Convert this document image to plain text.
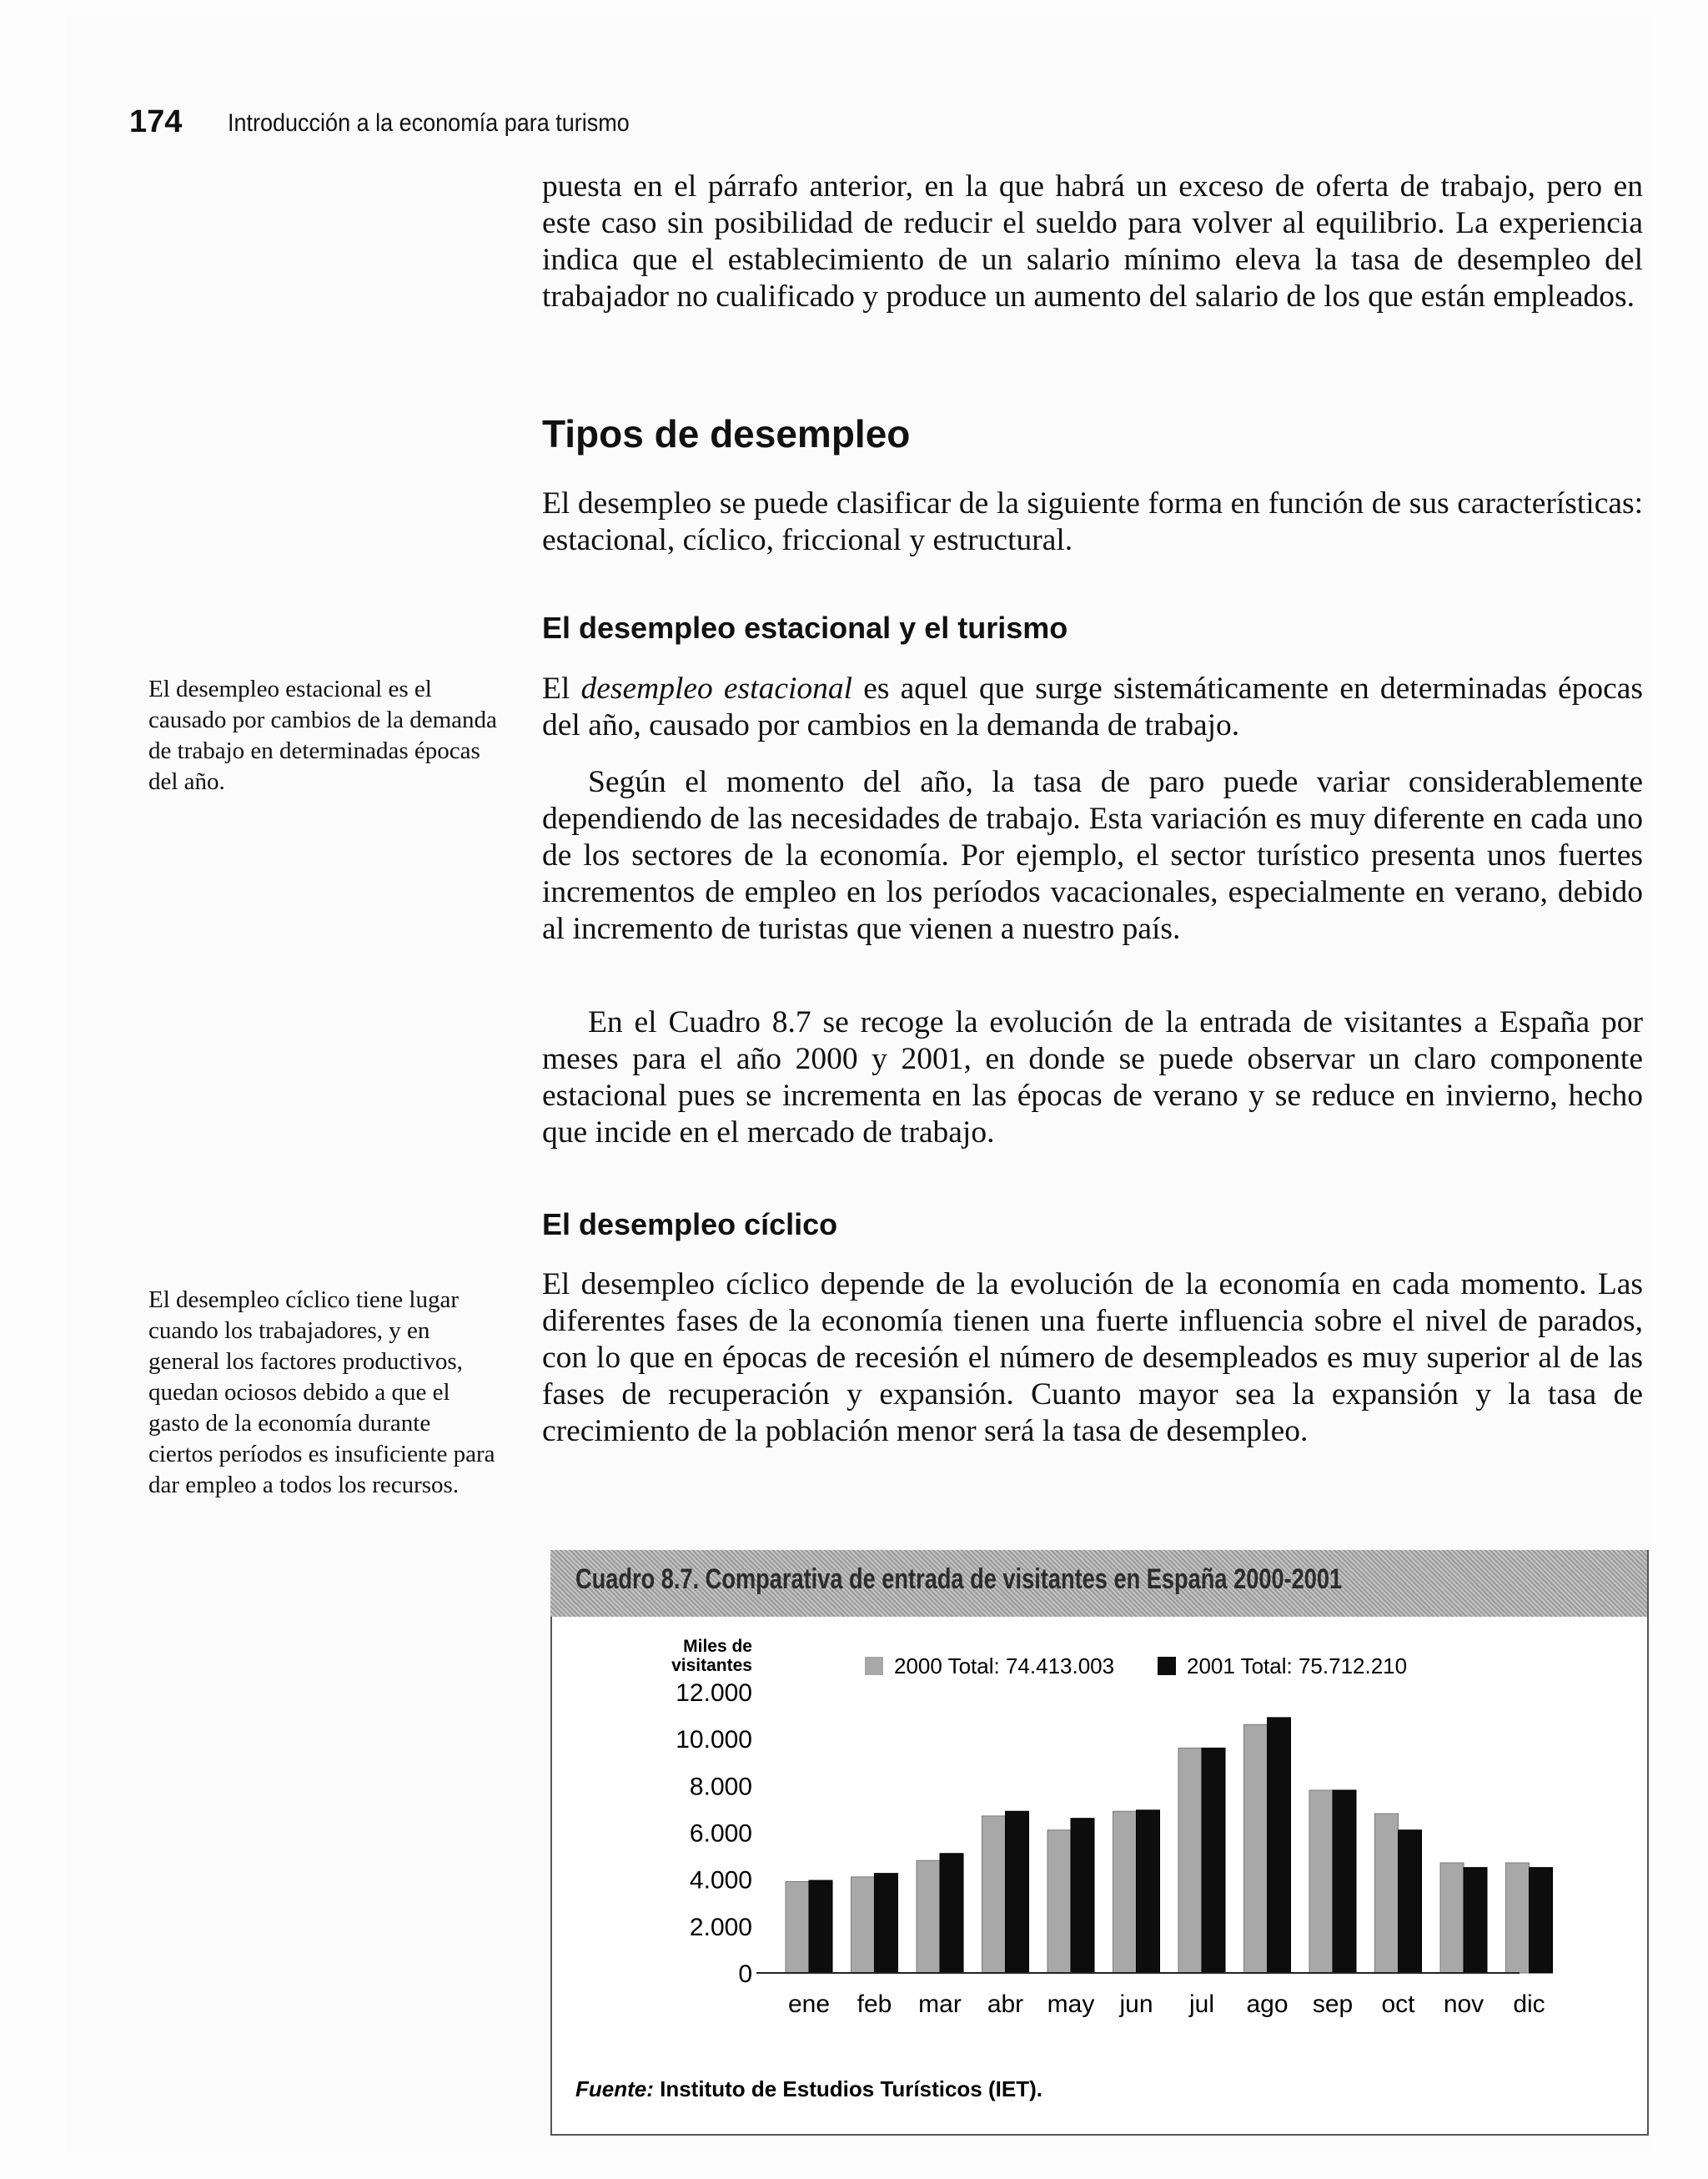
174 Introducción a la economía para turismo

puesta en el párrafo anterior, en la que habrá un exceso de oferta de trabajo, pero en este caso sin posibilidad de reducir el sueldo para volver al equilibrio. La experiencia indica que el establecimiento de un salario mínimo eleva la tasa de desempleo del trabajador no cualificado y produce un aumento del salario de los que están empleados.

Tipos de desempleo

El desempleo se puede clasificar de la siguiente forma en función de sus características: estacional, cíclico, friccional y estructural.

El desempleo estacional y el turismo

El desempleo estacional es aquel que surge sistemáticamente en determinadas épocas del año, causado por cambios en la demanda de trabajo.

Según el momento del año, la tasa de paro puede variar considerablemente dependiendo de las necesidades de trabajo. Esta variación es muy diferente en cada uno de los sectores de la economía. Por ejemplo, el sector turístico presenta unos fuertes incrementos de empleo en los períodos vacacionales, especialmente en verano, debido al incremento de turistas que vienen a nuestro país.

En el Cuadro 8.7 se recoge la evolución de la entrada de visitantes a España por meses para el año 2000 y 2001, en donde se puede observar un claro componente estacional pues se incrementa en las épocas de verano y se reduce en invierno, hecho que incide en el mercado de trabajo.

El desempleo cíclico

El desempleo cíclico depende de la evolución de la economía en cada momento. Las diferentes fases de la economía tienen una fuerte influencia sobre el nivel de parados, con lo que en épocas de recesión el número de desempleados es muy superior al de las fases de recuperación y expansión. Cuanto mayor sea la expansión y la tasa de crecimiento de la población menor será la tasa de desempleo.

El desempleo estacional es el causado por cambios de la demanda de trabajo en determinadas épocas del año.

El desempleo cíclico tiene lugar cuando los trabajadores, y en general los factores productivos, quedan ociosos debido a que el gasto de la economía durante ciertos períodos es insuficiente para dar empleo a todos los recursos.

Miles de
visitantes	2000 Total: 74.413.003	2001 Total: 75.712.210
0
2.000
4.000
6.000
8.000
10.000
12.000
ene feb mar abr may jun jul ago sep oct nov dic
Fuente: Instituto de Estudios Turísticos (IET).
Cuadro 8.7. Comparativa de entrada de visitantes en España 2000-2001
